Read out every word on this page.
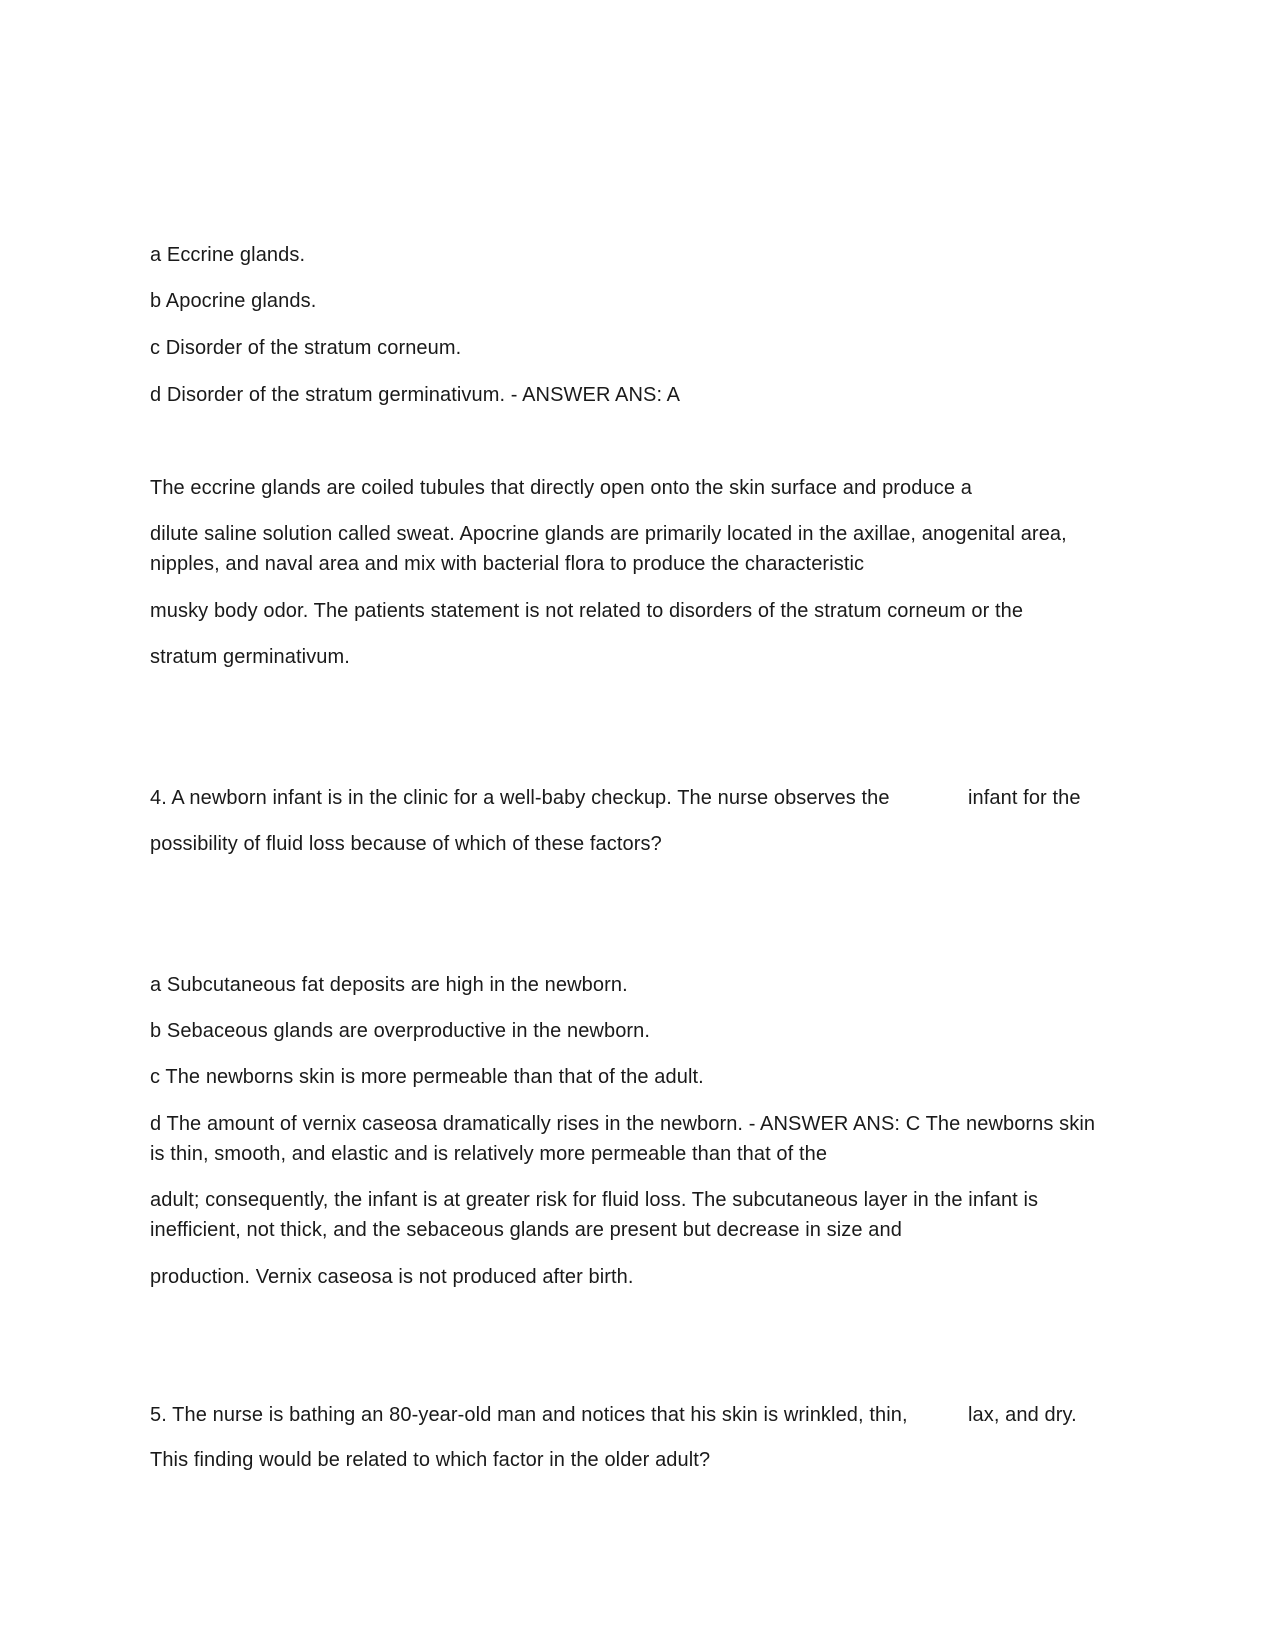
a Eccrine glands.
b Apocrine glands.
c Disorder of the stratum corneum.
d Disorder of the stratum germinativum. - ANSWER ANS: A
The eccrine glands are coiled tubules that directly open onto the skin surface and produce a
dilute saline solution called sweat. Apocrine glands are primarily located in the axillae, anogenital area,
nipples, and naval area and mix with bacterial flora to produce the characteristic
musky body odor. The patients statement is not related to disorders of the stratum corneum or the
stratum germinativum.
4. A newborn infant is in the clinic for a well-baby checkup. The nurse observes the	infant for the
possibility of fluid loss because of which of these factors?
a Subcutaneous fat deposits are high in the newborn.
b Sebaceous glands are overproductive in the newborn.
c The newborns skin is more permeable than that of the adult.
d The amount of vernix caseosa dramatically rises in the newborn. - ANSWER ANS: C The newborns skin
is thin, smooth, and elastic and is relatively more permeable than that of the
adult; consequently, the infant is at greater risk for fluid loss. The subcutaneous layer in the infant is
inefficient, not thick, and the sebaceous glands are present but decrease in size and
production. Vernix caseosa is not produced after birth.
5. The nurse is bathing an 80-year-old man and notices that his skin is wrinkled, thin,	lax, and dry.
This finding would be related to which factor in the older adult?
